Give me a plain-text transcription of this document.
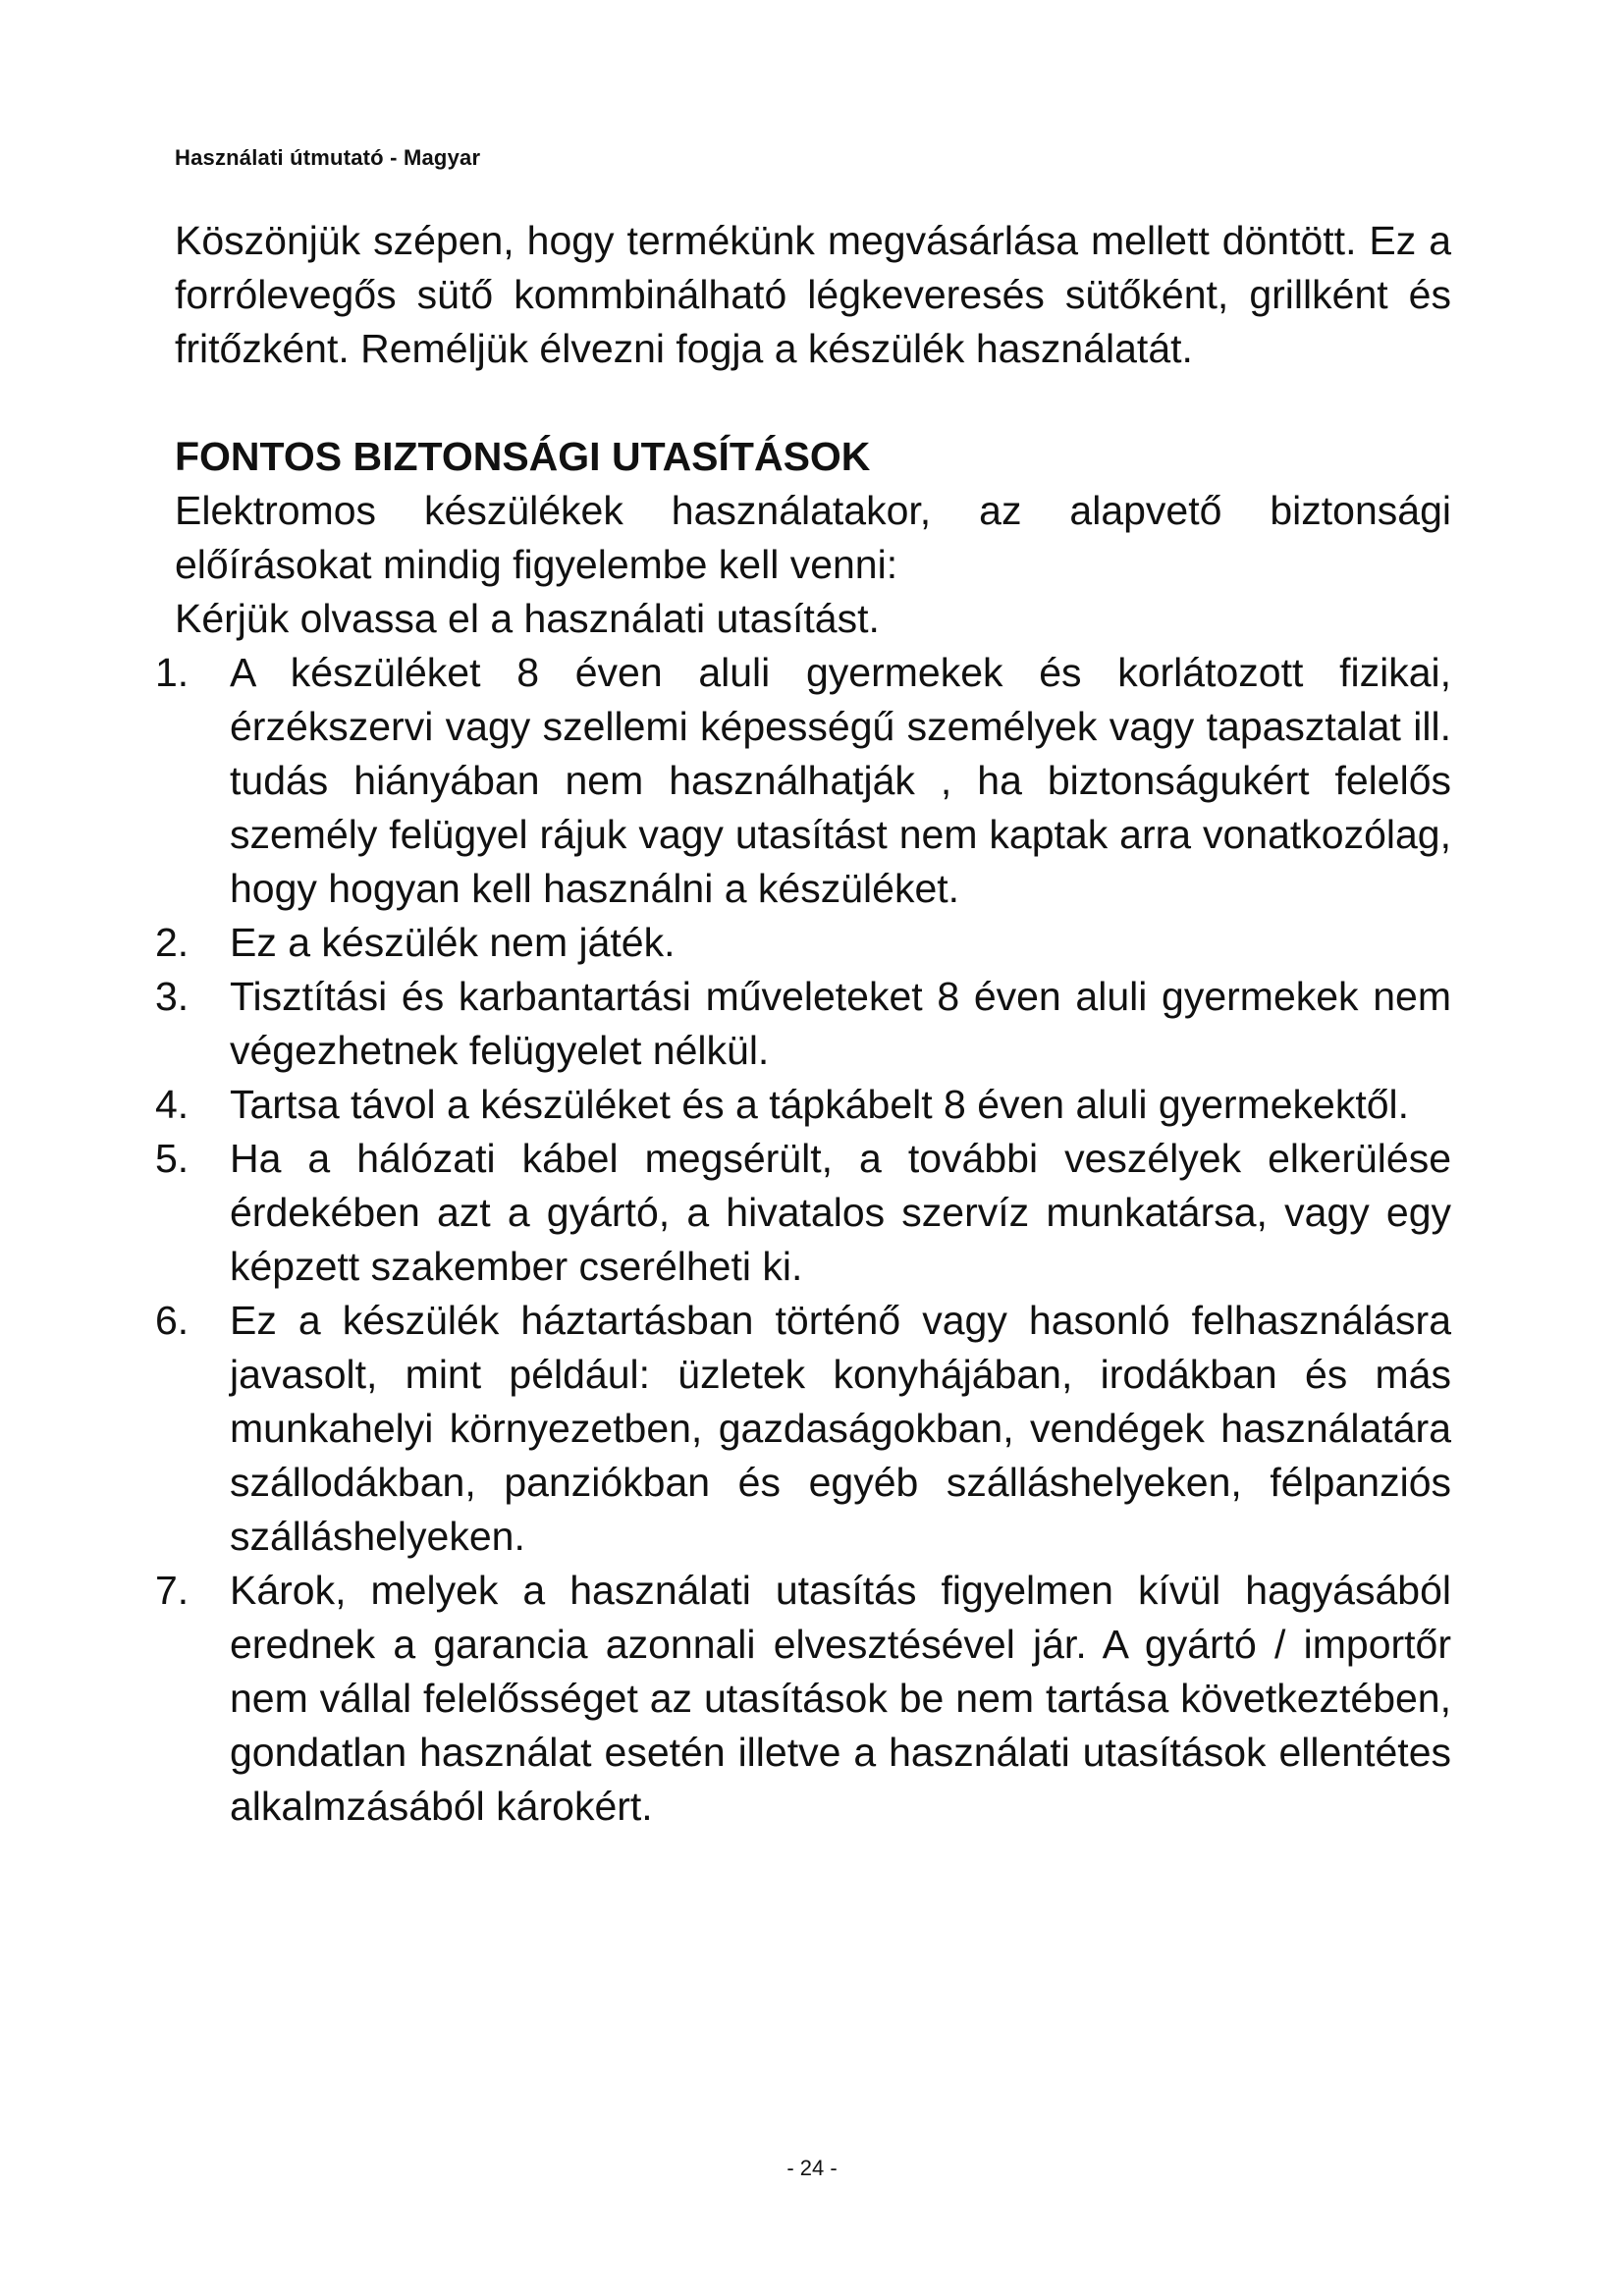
Használati útmutató - Magyar

Köszönjük szépen, hogy termékünk megvásárlása mellett döntött. Ez a forrólevegős sütő kommbinálható légkeveresés sütőként, grillként és fritőzként. Reméljük élvezni fogja a készülék használatát.

FONTOS BIZTONSÁGI UTASÍTÁSOK

Elektromos készülékek használatakor, az alapvető biztonsági előírásokat mindig figyelembe kell venni:

Kérjük olvassa el a használati utasítást.

1.	A készüléket 8 éven aluli gyermekek és korlátozott fizikai, érzékszervi vagy szellemi képességű személyek vagy tapasztalat ill. tudás hiányában nem használhatják , ha biztonságukért felelős személy felügyel rájuk vagy utasítást nem kaptak arra vonatkozólag, hogy hogyan kell használni a készüléket.
2.	Ez a készülék nem játék.
3.	Tisztítási és karbantartási műveleteket 8 éven aluli gyermekek nem végezhetnek felügyelet nélkül.
4.	Tartsa távol a készüléket és a tápkábelt 8 éven aluli gyermekektől.
5.	Ha a hálózati kábel megsérült, a további veszélyek elkerülése érdekében azt a gyártó, a hivatalos szervíz munkatársa, vagy egy képzett szakember cserélheti ki.
6.	Ez a készülék háztartásban történő vagy hasonló felhasználásra javasolt, mint például: üzletek konyhájában, irodákban és más munkahelyi környezetben, gazdaságokban, vendégek használatára szállodákban, panziókban és egyéb szálláshelyeken, félpanziós szálláshelyeken.
7.	Károk, melyek a használati utasítás figyelmen kívül hagyásából erednek a garancia azonnali elvesztésével jár. A gyártó / importőr nem vállal felelősséget az utasítások be nem tartása következtében, gondatlan használat esetén illetve a használati utasítások ellentétes alkalmzásából károkért.
- 24 -
